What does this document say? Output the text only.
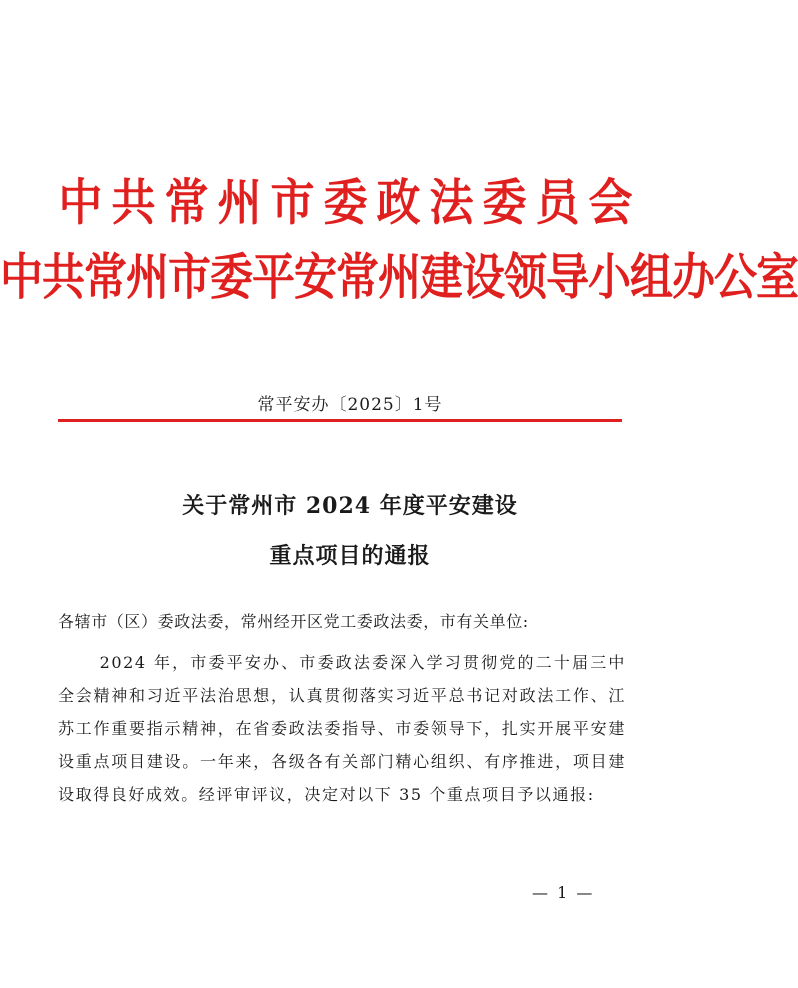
中共常州市委政法委员会
中共常州市委平安常州建设领导小组办公室
常平安办〔2025〕1号
关于常州市 2024 年度平安建设
重点项目的通报
各辖市（区）委政法委，常州经开区党工委政法委，市有关单位:
2024 年，市委平安办、市委政法委深入学习贯彻党的二十届三中全会精神和习近平法治思想，认真贯彻落实习近平总书记对政法工作、江苏工作重要指示精神，在省委政法委指导、市委领导下，扎实开展平安建设重点项目建设。一年来，各级各有关部门精心组织、有序推进，项目建设取得良好成效。经评审评议，决定对以下 35 个重点项目予以通报:
— 1 —
